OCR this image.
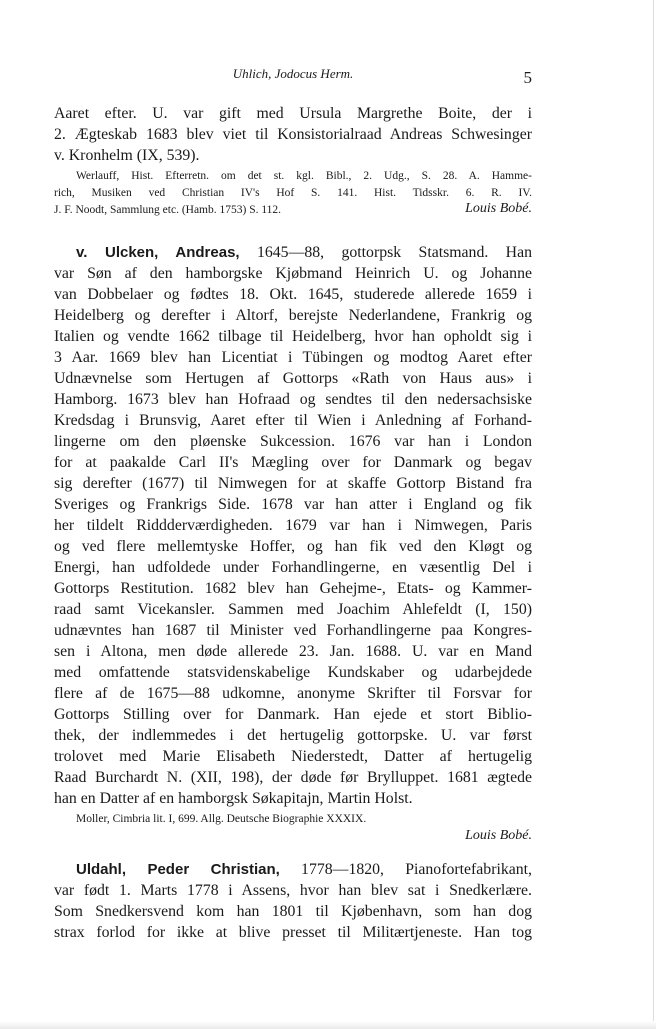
Uhlich, Jodocus Herm.	5
Aaret efter. U. var gift med Ursula Margrethe Boite, der i
2. Ægteskab 1683 blev viet til Konsistorialraad Andreas Schwesinger
v. Kronhelm (IX, 539).
Werlauff, Hist. Efterretn. om det st. kgl. Bibl., 2. Udg., S. 28. A. Hamme-
rich, Musiken ved Christian IV's Hof S. 141. Hist. Tidsskr. 6. R. IV.
J. F. Noodt, Sammlung etc. (Hamb. 1753) S. 112.	Louis Bobé.
v. Ulcken, Andreas, 1645—88, gottorpsk Statsmand. Han
var Søn af den hamborgske Kjøbmand Heinrich U. og Johanne
van Dobbelaer og fødtes 18. Okt. 1645, studerede allerede 1659 i
Heidelberg og derefter i Altorf, berejste Nederlandene, Frankrig og
Italien og vendte 1662 tilbage til Heidelberg, hvor han opholdt sig i
3 Aar. 1669 blev han Licentiat i Tübingen og modtog Aaret efter
Udnævnelse som Hertugen af Gottorps «Rath von Haus aus» i
Hamborg. 1673 blev han Hofraad og sendtes til den nedersachsiske
Kredsdag i Brunsvig, Aaret efter til Wien i Anledning af Forhand-
lingerne om den pløenske Sukcession. 1676 var han i London
for at paakalde Carl II's Mægling over for Danmark og begav
sig derefter (1677) til Nimwegen for at skaffe Gottorp Bistand fra
Sveriges og Frankrigs Side. 1678 var han atter i England og fik
her tildelt Riddderværdigheden. 1679 var han i Nimwegen, Paris
og ved flere mellemtyske Hoffer, og han fik ved den Kløgt og
Energi, han udfoldede under Forhandlingerne, en væsentlig Del i
Gottorps Restitution. 1682 blev han Gehejme-, Etats- og Kammer-
raad samt Vicekansler. Sammen med Joachim Ahlefeldt (I, 150)
udnævntes han 1687 til Minister ved Forhandlingerne paa Kongres-
sen i Altona, men døde allerede 23. Jan. 1688. U. var en Mand
med omfattende statsvidenskabelige Kundskaber og udarbejdede
flere af de 1675—88 udkomne, anonyme Skrifter til Forsvar for
Gottorps Stilling over for Danmark. Han ejede et stort Biblio-
thek, der indlemmedes i det hertugelig gottorpske. U. var først
trolovet med Marie Elisabeth Niederstedt, Datter af hertugelig
Raad Burchardt N. (XII, 198), der døde før Brylluppet. 1681 ægtede
han en Datter af en hamborgsk Søkapitajn, Martin Holst.
Moller, Cimbria lit. I, 699. Allg. Deutsche Biographie XXXIX.
Louis Bobé.
Uldahl, Peder Christian, 1778—1820, Pianofortefabrikant,
var født 1. Marts 1778 i Assens, hvor han blev sat i Snedkerlære.
Som Snedkersvend kom han 1801 til Kjøbenhavn, som han dog
strax forlod for ikke at blive presset til Militærtjeneste. Han tog
